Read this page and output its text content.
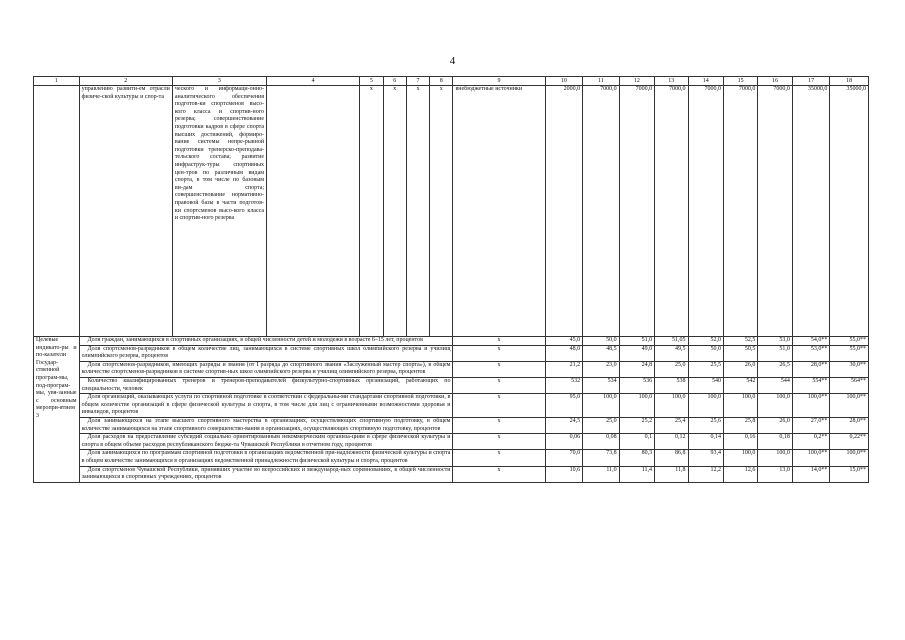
4
1	2	3	4	5	6	7	8	9	10	11	12	13	14	15	16	17	18
	управлению развити-ем отрасли физиче-ской культуры и спор-та	ческого и информаци-онно-аналитического обеспечения подготов-ки спортсменов высо-кого класса и спортив-ного резерва; совершенствование подготовки кадров в сфере спорта высших достижений, формиро-вание системы непре-рывной подготовки тренерско-преподава-тельского состава; развитие инфраструк-туры спортивных цен-тров по различным видам спорта, в том числе по базовым ви-дам спорта; совершенствование нормативно-правовой базы в части подготов-ки спортсменов высо-кого класса и спортив-ного резерва		x	x	x	x	внебюджетные источники	2000,0	7000,0	7000,0	7000,0	7000,0	7000,0	7000,0	35000,0	35000,0
Целевые индикато-ры и по-казатели Государ-ственной програм-мы, под-програм-мы, увя-занные с основным меропри-ятием 3	Доля граждан, занимающихся в спортивных организациях, в общей численности детей и молодежи в возрасте 6–15 лет, процентов							x	45,0	50,0	51,0	51,05	52,0	52,5	53,0	54,0**	55,0**
	Доля спортсменов-разрядников в общем количестве лиц, занимающихся в системе спортивных школ олимпийского резерва и училищ олимпийского резерва, процентов							x	48,0	48,5	49,0	49,5	50,0	50,5	51,0	53,0**	55,0**
	Доля спортсменов-разрядников, имеющих разряды и звания (от I разряда до спортивного звания «Заслуженный мастер спорта»), в общем количестве спортсменов-разрядников в системе спортив-ных школ олимпийского резерва и училищ олимпийского резерва, процентов							x	21,2	23,0	24,8	25,0	25,5	26,0	26,5	28,0**	30,0**
	Количество квалифицированных тренеров и тренеров-преподавателей физкультурно-спортивных организаций, работающих по специальности, человек							x	532	534	536	538	540	542	544	554**	564**
	Доля организаций, оказывающих услуги по спортивной подготовке в соответствии с федеральны-ми стандартами спортивной подготовки, в общем количестве организаций в сфере физической культуры и спорта, в том числе для лиц с ограниченными возможностями здоровья и инвалидов, процентов							x	95,0	100,0	100,0	100,0	100,0	100,0	100,0	100,0**	100,0**
	Доля занимающихся на этапе высшего спортивного мастерства в организациях, осуществляющих спортивную подготовку, в общем количестве занимающихся на этапе спортивного совершенство-вания в организациях, осуществляющих спортивную подготовку, процентов							x	24,5	25,0	25,2	25,4	25,6	25,8	26,0	27,0**	28,0**
	Доля расходов на предоставление субсидий социально ориентированным некоммерческим организа-циям в сфере физической культуры и спорта в общем объеме расходов республиканского бюдже-та Чувашской Республики в отчетном году, процентов							x	0,06	0,08	0,1	0,12	0,14	0,16	0,18	0,2**	0,22**
	Доля занимающихся по программам спортивной подготовки в организациях ведомственной при-надлежности физической культуры и спорта в общем количестве занимающихся в организациях ведомственной принадлежности физической культуры и спорта, процентов							x	70,0	73,8	80,3	86,8	93,4	100,0	100,0	100,0**	100,0**
	Доля спортсменов Чувашской Республики, принявших участие во всероссийских и международ-ных соревнованиях, в общей численности занимающихся в спортивных учреждениях, процентов							x	10,6	11,0	11,4	11,8	12,2	12,6	13,0	14,0**	15,0**
